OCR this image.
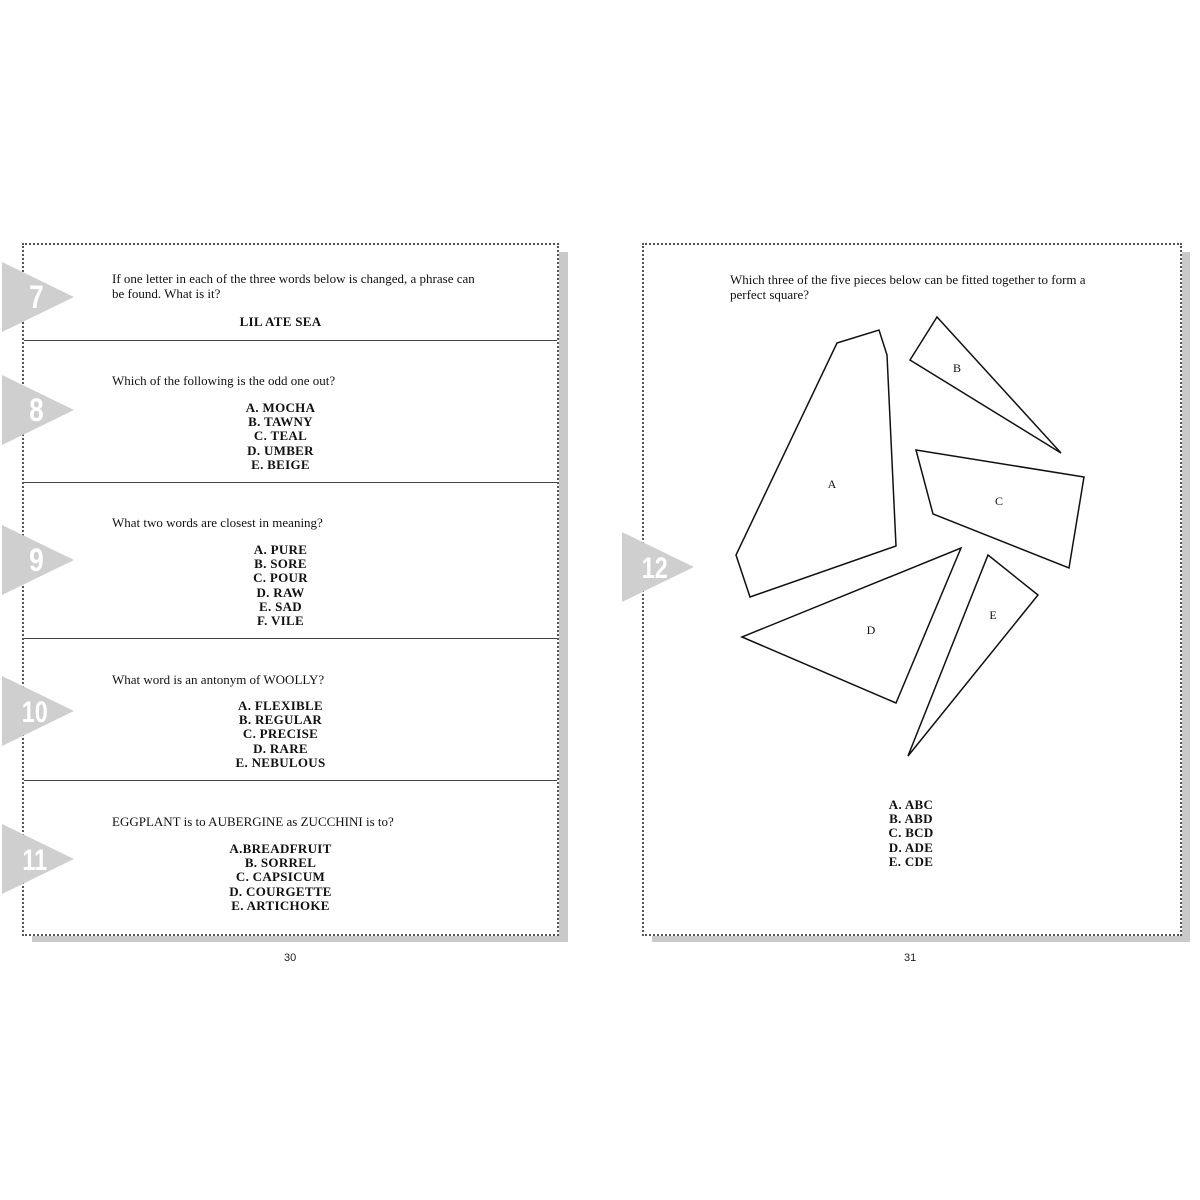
If one letter in each of the three words below is changed, a phrase can be found. What is it?
LIL ATE SEA
Which of the following is the odd one out?
A. MOCHA
B. TAWNY
C. TEAL
D. UMBER
E. BEIGE
What two words are closest in meaning?
A. PURE
B. SORE
C. POUR
D. RAW
E. SAD
F. VILE
What word is an antonym of WOOLLY?
A. FLEXIBLE
B. REGULAR
C. PRECISE
D. RARE
E. NEBULOUS
EGGPLANT is to AUBERGINE as ZUCCHINI is to?
A.BREADFRUIT
B. SORREL
C. CAPSICUM
D. COURGETTE
E. ARTICHOKE
7
8
9
10
11
30
Which three of the five pieces below can be fitted together to form a perfect square?
A
B
C
D
E
A. ABC
B. ABD
C. BCD
D. ADE
E. CDE
12
31
